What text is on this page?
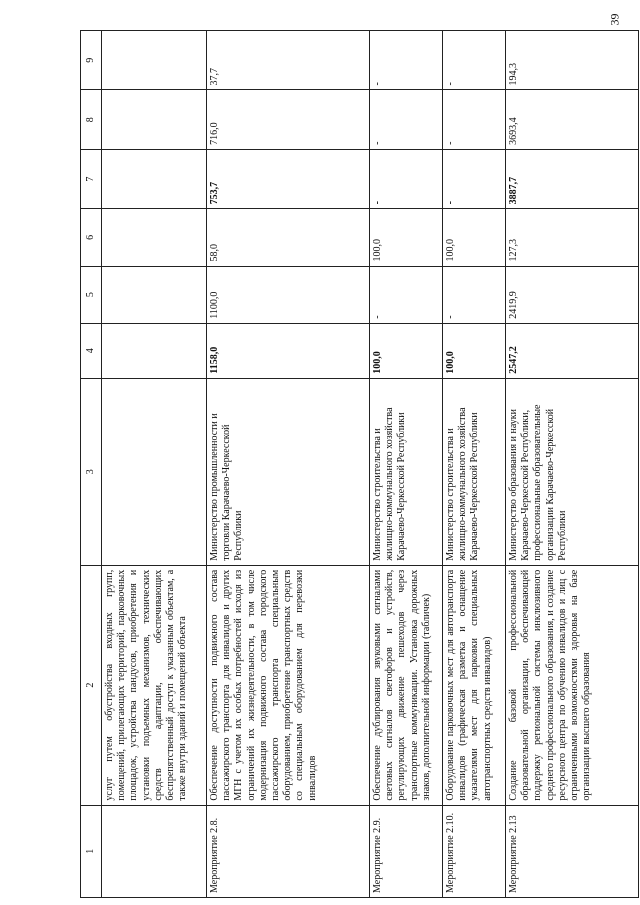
39
1	2	3	4	5	6	7	8	9
	услуг путем обустройства входных групп, помещений, прилегающих территорий, парковочных площадок, устройства пандусов, приобретения и установки подъемных механизмов, технических средств адаптации, обеспечивающих беспрепятственный доступ к указанным объектам, а также внутри зданий и помещений объекта							
Мероприятие 2.8.	Обеспечение доступности подвижного состава пассажирского транспорта для инвалидов и других МГН с учетом их особых потребностей исходя из ограничений их жизнедеятельности, в том числе модернизация подвижного состава городского пассажирского транспорта специальным оборудованием, приобретение транспортных средств со специальным оборудованием для перевозки инвалидов	Министерство промышленности и торговли Карачаево-Черкесской Республики	1158,0	1100,0	58,0	753,7	716,0	37,7
Мероприятие 2.9.	Обеспечение дублирования звуковыми сигналами световых сигналов светофоров и устройств, регулирующих движение пешеходов через транспортные коммуникации. Установка дорожных знаков, дополнительной информации (табличек)	Министерство строительства и жилищно-коммунального хозяйства Карачаево-Черкесской Республики	100,0	-	100,0	-	-	-
Мероприятие 2.10.	Оборудование парковочных мест для автотранспорта инвалидов (графическая разметка и оснащение указателями мест для парковки специальных автотранспортных средств инвалидов)	Министерство строительства и жилищно-коммунального хозяйства Карачаево-Черкесской Республики	100,0	-	100,0	-	-	-
Мероприятие 2.13	Создание базовой профессиональной образовательной организации, обеспечивающей поддержку региональной системы инклюзивного среднего профессионального образования, и создание ресурсного центра по обучению инвалидов и лиц с ограниченными возможностями здоровья на базе организации высшего образования	Министерство образования и науки Карачаево-Черкесской Республики, профессиональные образовательные организации Карачаево-Черкесской Республики	2547,2	2419,9	127,3	3887,7	3693,4	194,3
